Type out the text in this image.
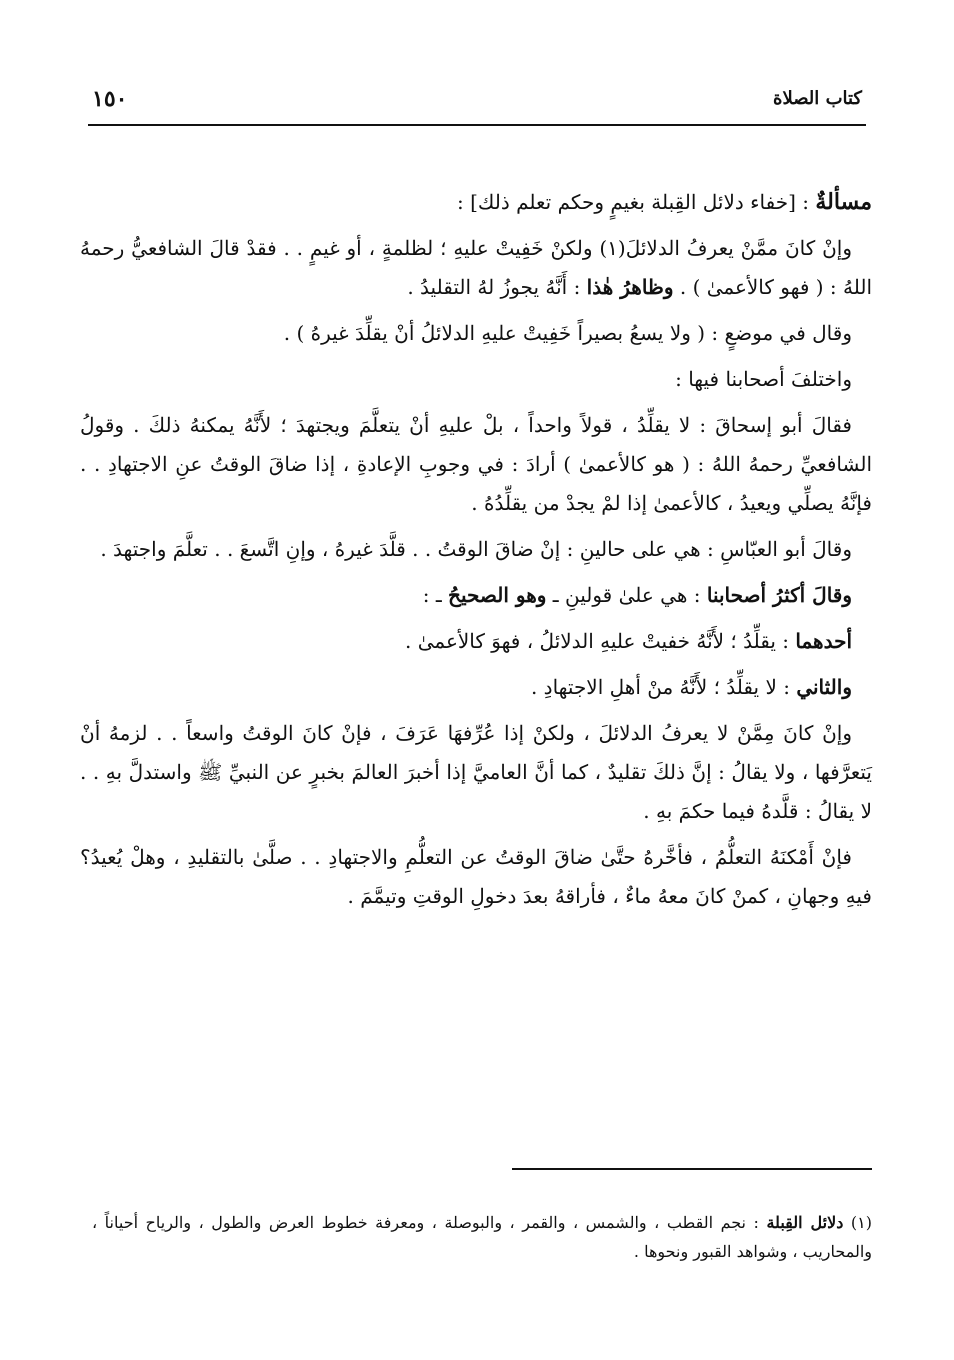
كتاب الصلاة
١٥٠

مسألةٌ : [خفاء دلائل القِبلة بغيمٍ وحكم تعلم ذلك] :

وإنْ كانَ ممَّنْ يعرفُ الدلائلَ(١) ولكنْ خَفِيتْ عليهِ ؛ لظلمةٍ ، أو غيمٍ . . فقدْ قالَ الشافعيُّ رحمهُ اللهُ : ( فهو كالأعمىٰ ) . وظاهرُ هٰذا : أَنَّهُ يجوزُ لهُ التقليدُ .

وقال في موضعٍ : ( ولا يسعُ بصيراً خَفِيتْ عليهِ الدلائلُ أنْ يقلِّدَ غيرهُ ) .

واختلفَ أصحابنا فيها :

فقالَ أبو إسحاقَ : لا يقلِّدُ ، قولاً واحداً ، بلْ عليهِ أنْ يتعلَّمَ ويجتهدَ ؛ لأَنَّهُ يمكنهُ ذلكَ . وقولُ الشافعيِّ رحمهُ اللهُ : ( هو كالأعمىٰ ) أرادَ : في وجوبِ الإعادةِ ، إذا ضاقَ الوقتُ عنِ الاجتهادِ . . فإنَّهُ يصلِّي ويعيدُ ، كالأعمىٰ إذا لمْ يجدْ من يقلِّدُهُ .

وقالَ أبو العبّاسِ : هي على حالينِ : إنْ ضاقَ الوقتُ . . قلَّدَ غيرهُ ، وإنِ اتَّسعَ . . تعلَّمَ واجتهدَ .

وقالَ أكثرُ أصحابنا : هي علىٰ قولينِ ـ وهو الصحيحُ ـ :

أحدهما : يقلِّدُ ؛ لأَنَّهُ خفيتْ عليهِ الدلائلُ ، فهوَ كالأعمىٰ .

والثاني : لا يقلِّدُ ؛ لأَنَّهُ منْ أهلِ الاجتهادِ .

وإنْ كانَ مِمَّنْ لا يعرفُ الدلائلَ ، ولكنْ إذا عُرِّفهَا عَرَفَ ، فإنْ كانَ الوقتُ واسعاً . . لزمهُ أنْ يَتعرَّفها ، ولا يقالُ : إنَّ ذلكَ تقليدٌ ، كما أنَّ العاميَّ إذا أخبرَ العالمَ بخبرٍ عن النبيِّ ﷺ واستدلَّ بهِ . . لا يقالُ : قلَّدهُ فيما حكمَ بهِ .

فإنْ أَمْكنَهُ التعلُّمُ ، فأخَّرهُ حتَّىٰ ضاقَ الوقتُ عن التعلُّمِ والاجتهادِ . . صلَّىٰ بالتقليدِ ، وهلْ يُعيدُ؟ فيهِ وجهانِ ، كمنْ كانَ معهُ ماءٌ ، فأراقهُ بعدَ دخولِ الوقتِ وتيمَّمَ .

(١) دلائل القِبلة : نجم القطب ، والشمس ، والقمر ، والبوصلة ، ومعرفة خطوط العرض والطول ، والرياح أحياناً ، والمحاريب ، وشواهد القبور ونحوها .
